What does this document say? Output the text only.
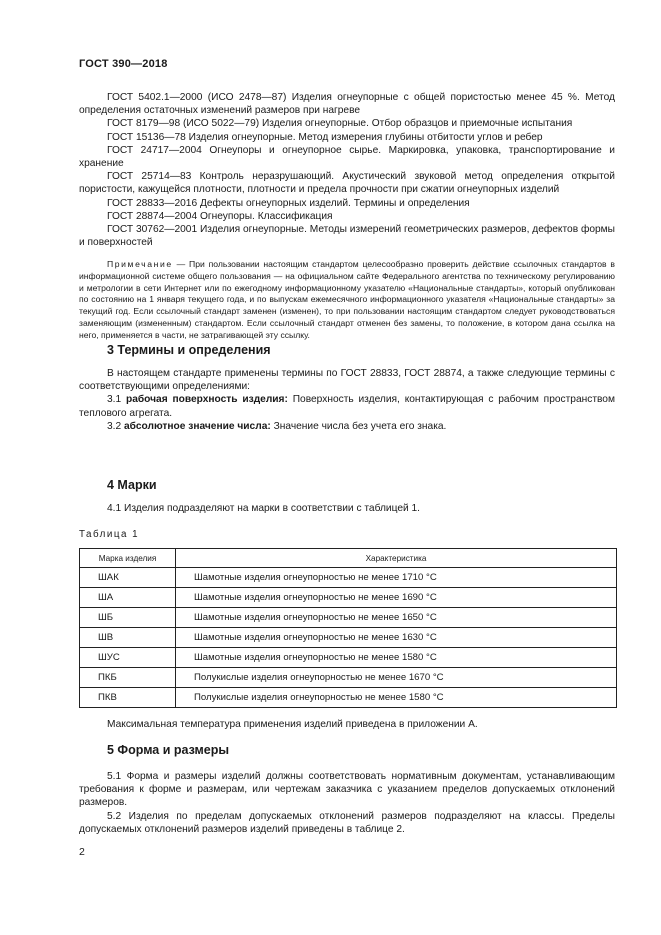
ГОСТ 390—2018
ГОСТ 5402.1—2000 (ИСО 2478—87) Изделия огнеупорные с общей пористостью менее 45 %. Метод определения остаточных изменений размеров при нагреве
ГОСТ 8179—98 (ИСО 5022—79) Изделия огнеупорные. Отбор образцов и приемочные испытания
ГОСТ 15136—78 Изделия огнеупорные. Метод измерения глубины отбитости углов и ребер
ГОСТ 24717—2004 Огнеупоры и огнеупорное сырье. Маркировка, упаковка, транспортирование и хранение
ГОСТ 25714—83 Контроль неразрушающий. Акустический звуковой метод определения открытой пористости, кажущейся плотности, плотности и предела прочности при сжатии огнеупорных изделий
ГОСТ 28833—2016 Дефекты огнеупорных изделий. Термины и определения
ГОСТ 28874—2004 Огнеупоры. Классификация
ГОСТ 30762—2001 Изделия огнеупорные. Методы измерений геометрических размеров, дефектов формы и поверхностей
Примечание — При пользовании настоящим стандартом целесообразно проверить действие ссылочных стандартов в информационной системе общего пользования — на официальном сайте Федерального агентства по техническому регулированию и метрологии в сети Интернет или по ежегодному информационному указателю «Национальные стандарты», который опубликован по состоянию на 1 января текущего года, и по выпускам ежемесячного информационного указателя «Национальные стандарты» за текущий год. Если ссылочный стандарт заменен (изменен), то при пользовании настоящим стандартом следует руководствоваться заменяющим (измененным) стандартом. Если ссылочный стандарт отменен без замены, то положение, в котором дана ссылка на него, применяется в части, не затрагивающей эту ссылку.
3 Термины и определения
В настоящем стандарте применены термины по ГОСТ 28833, ГОСТ 28874, а также следующие термины с соответствующими определениями:
3.1 рабочая поверхность изделия: Поверхность изделия, контактирующая с рабочим пространством теплового агрегата.
3.2 абсолютное значение числа: Значение числа без учета его знака.
4 Марки
4.1 Изделия подразделяют на марки в соответствии с таблицей 1.
Таблица 1
Марка изделия	Характеристика
ШАК	Шамотные изделия огнеупорностью не менее 1710 °С
ША	Шамотные изделия огнеупорностью не менее 1690 °С
ШБ	Шамотные изделия огнеупорностью не менее 1650 °С
ШВ	Шамотные изделия огнеупорностью не менее 1630 °С
ШУС	Шамотные изделия огнеупорностью не менее 1580 °С
ПКБ	Полукислые изделия огнеупорностью не менее 1670 °С
ПКВ	Полукислые изделия огнеупорностью не менее 1580 °С
Максимальная температура применения изделий приведена в приложении А.
5 Форма и размеры
5.1 Форма и размеры изделий должны соответствовать нормативным документам, устанавливающим требования к форме и размерам, или чертежам заказчика с указанием пределов допускаемых отклонений размеров.
5.2 Изделия по пределам допускаемых отклонений размеров подразделяют на классы. Пределы допускаемых отклонений размеров изделий приведены в таблице 2.
2
